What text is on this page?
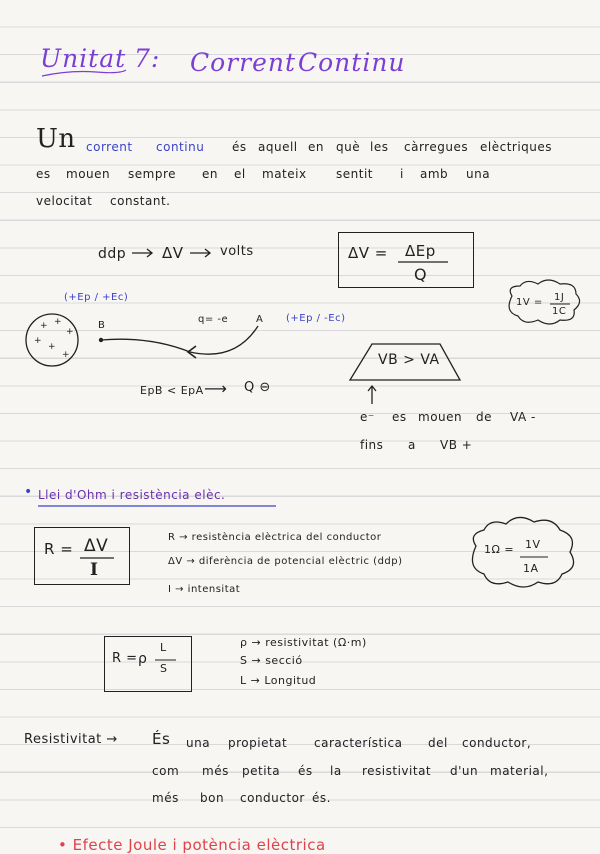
Unitat 7: Corrent Continu
Un corrent continu és aquell en què les càrregues elèctriques
es mouen sempre en el mateix sentit i amb una
velocitat constant.
ddp ΔV	volts	ΔV = ΔEp
Q
1V = 1J
1C
(+Ep / +Ec)
+ +
+
+
+
+
B
q= -e	A (+Ep / -Ec)
VB > VA
EpB < EpA ⟶ Q ⊖
e⁻ es mouen de VA -
fins a VB +
• Llei d'Ohm i resistència elèc.
R = ΔV
I
R → resistència elèctrica del conductor
ΔV → diferència de potencial elèctric (ddp)
I → intensitat
1Ω = 1V
1A
R = ρ
L
S
ρ → resistivitat (Ω·m)
S → secció
L → Longitud
Resistivitat → És una propietat característica del conductor,
com més petita és la resistivitat d'un material,
més bon conductor és.
• Efecte Joule i potència elèctrica
